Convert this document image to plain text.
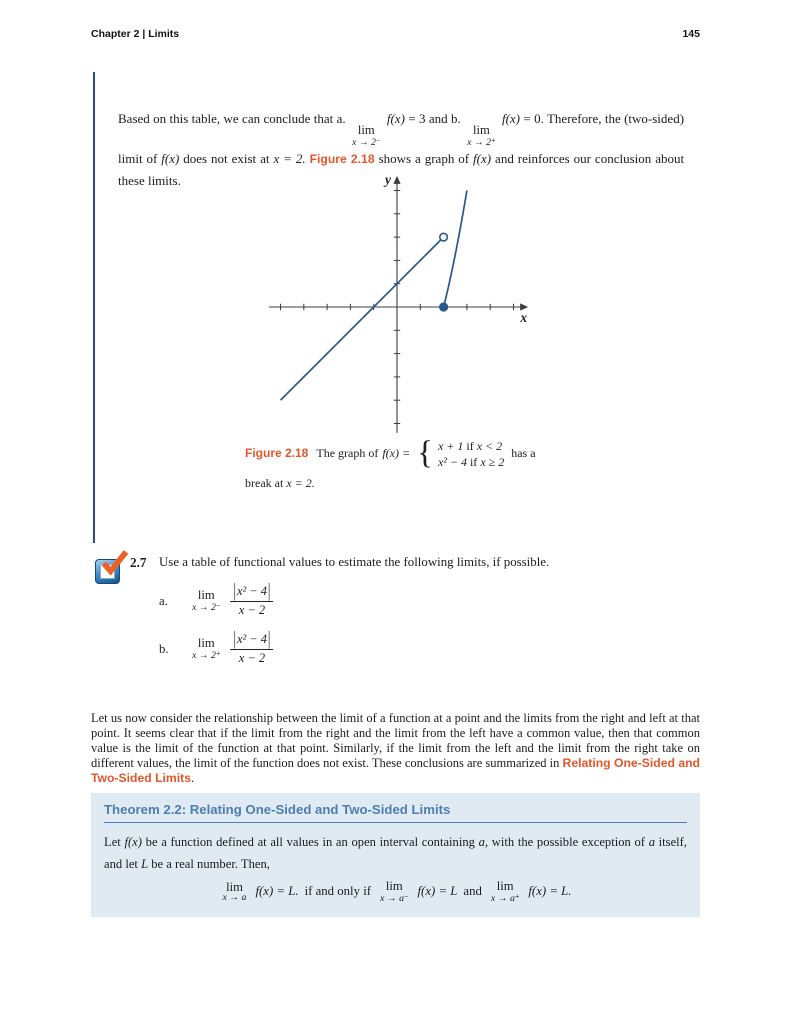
Chapter 2 | Limits	145

Based on this table, we can conclude that a.
lim
x → 2−
f(x) = 3 and b.
lim
x → 2+
f(x) = 0. Therefore, the (two-sided) limit of f(x) does not exist at x = 2. Figure 2.18 shows a graph of f(x) and reinforces our conclusion about these limits.

x
y
Figure 2.18 The graph of f(x) = { x + 1 if x < 2
x² − 4 if x ≥ 2
has a
break at x = 2.
2.7 Use a table of functional values to estimate the following limits, if possible.
a.	lim
$x \to 2^- \frac{\text{| x² − 4 |}}{x - 2}$
b.	lim
$x \to 2^+ \frac{\text{| x² − 4 |}}{x - 2}$

Let us now consider the relationship between the limit of a function at a point and the limits from the right and left at that point. It seems clear that if the limit from the right and the limit from the left have a common value, then that common value is the limit of the function at that point. Similarly, if the limit from the left and the limit from the right take on different values, the limit of the function does not exist. These conclusions are summarized in Relating One-Sided and Two-Sided Limits.

Theorem 2.2: Relating One-Sided and Two-Sided Limits
Let f(x) be a function defined at all values in an open interval containing a, with the possible exception of a itself, and let L be a real number. Then,
lim
x → a f(x) = L. if and only if lim
x → a− f(x) = L and lim
x → a+ f(x) = L.
